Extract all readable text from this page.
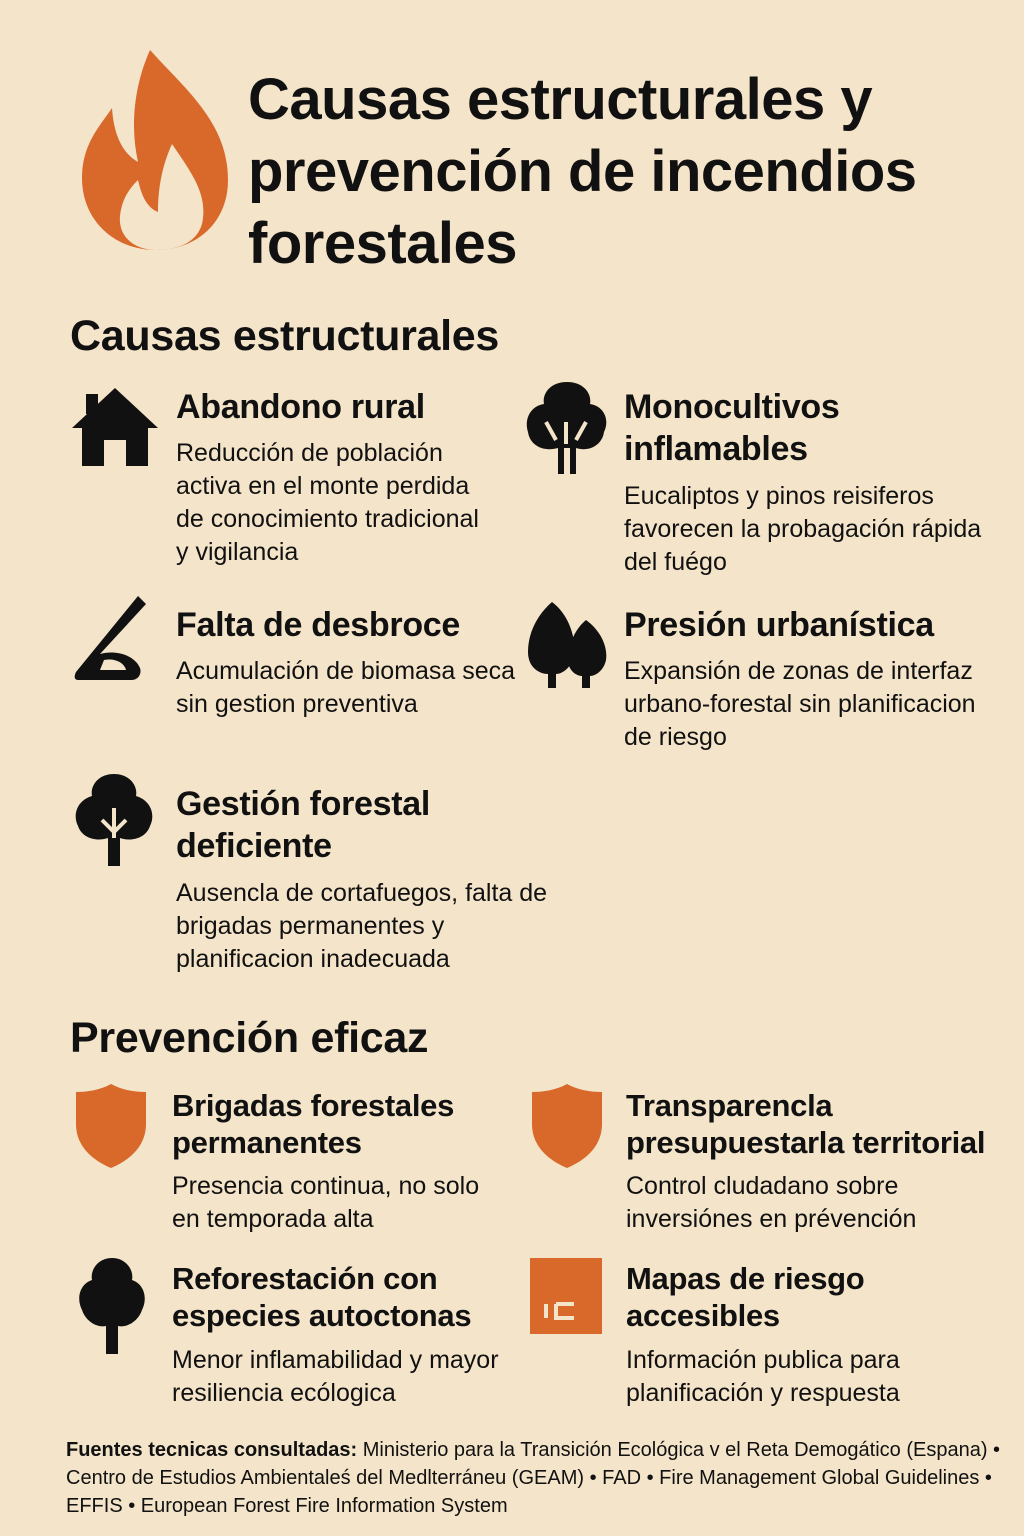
Causas estructurales y prevención de incendios forestales
Causas estructurales
Abandono rural
Reducción de población activa en el monte perdida de conocimiento tradicional y vigilancia
Monocultivos inflamables
Eucaliptos y pinos reisiferos favorecen la probagación rápida del fuégo
Falta de desbroce
Acumulación de biomasa seca sin gestion preventiva
Presión urbanística
Expansión de zonas de interfaz urbano-forestal sin planificacion de riesgo
Gestión forestal deficiente
Ausencla de cortafuegos, falta de brigadas permanentes y planificacion inadecuada
Prevención eficaz
Brigadas forestales permanentes
Presencia continua, no solo en temporada alta
Transparencla presupuestarla territorial
Control cludadano sobre inversiónes en prévención
Reforestación con especies autoctonas
Menor inflamabilidad y mayor resiliencia ecólogica
Mapas de riesgo accesibles
Información publica para planificación y respuesta
Fuentes tecnicas consultadas: Ministerio para la Transición Ecológica v el Reta Demogático (Espana) • Centro de Estudios Ambientaleś del Medlterráneu (GEAM) • FAD • Fire Management Global Guidelines • EFFIS • European Forest Fire Information System
